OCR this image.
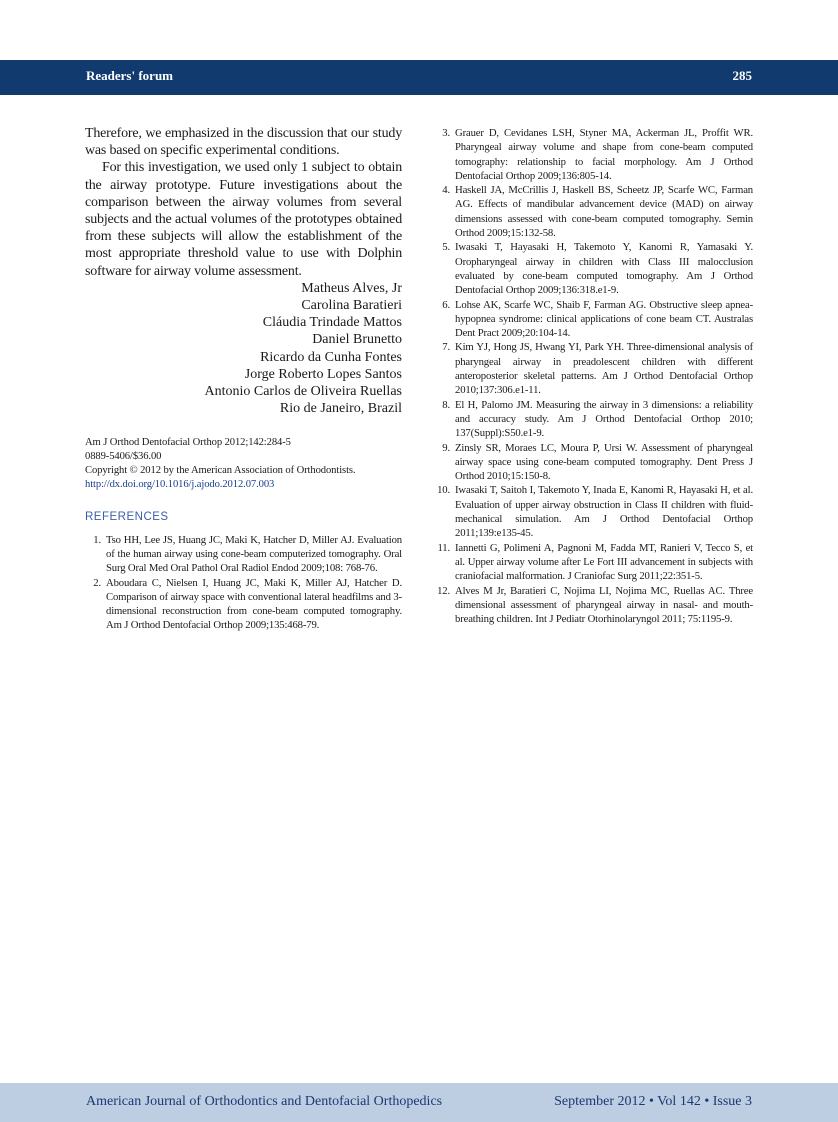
Readers' forum	285

Therefore, we emphasized in the discussion that our study was based on specific experimental conditions.

For this investigation, we used only 1 subject to obtain the airway prototype. Future investigations about the comparison between the airway volumes from several subjects and the actual volumes of the prototypes obtained from these subjects will allow the establishment of the most appropriate threshold value to use with Dolphin software for airway volume assessment.

Matheus Alves, Jr
Carolina Baratieri
Cláudia Trindade Mattos
Daniel Brunetto
Ricardo da Cunha Fontes
Jorge Roberto Lopes Santos
Antonio Carlos de Oliveira Ruellas
Rio de Janeiro, Brazil
Am J Orthod Dentofacial Orthop 2012;142:284-5
0889-5406/$36.00
Copyright © 2012 by the American Association of Orthodontists.
http://dx.doi.org/10.1016/j.ajodo.2012.07.003
REFERENCES
1. Tso HH, Lee JS, Huang JC, Maki K, Hatcher D, Miller AJ. Evaluation of the human airway using cone-beam computerized tomography. Oral Surg Oral Med Oral Pathol Oral Radiol Endod 2009;108: 768-76.
2. Aboudara C, Nielsen I, Huang JC, Maki K, Miller AJ, Hatcher D. Comparison of airway space with conventional lateral headfilms and 3-dimensional reconstruction from cone-beam computed tomography. Am J Orthod Dentofacial Orthop 2009;135:468-79.
3. Grauer D, Cevidanes LSH, Styner MA, Ackerman JL, Proffit WR. Pharyngeal airway volume and shape from cone-beam computed tomography: relationship to facial morphology. Am J Orthod Dentofacial Orthop 2009;136:805-14.
4. Haskell JA, McCrillis J, Haskell BS, Scheetz JP, Scarfe WC, Farman AG. Effects of mandibular advancement device (MAD) on airway dimensions assessed with cone-beam computed tomography. Semin Orthod 2009;15:132-58.
5. Iwasaki T, Hayasaki H, Takemoto Y, Kanomi R, Yamasaki Y. Oropharyngeal airway in children with Class III malocclusion evaluated by cone-beam computed tomography. Am J Orthod Dentofacial Orthop 2009;136:318.e1-9.
6. Lohse AK, Scarfe WC, Shaib F, Farman AG. Obstructive sleep apnea-hypopnea syndrome: clinical applications of cone beam CT. Australas Dent Pract 2009;20:104-14.
7. Kim YJ, Hong JS, Hwang YI, Park YH. Three-dimensional analysis of pharyngeal airway in preadolescent children with different anteroposterior skeletal patterns. Am J Orthod Dentofacial Orthop 2010;137:306.e1-11.
8. El H, Palomo JM. Measuring the airway in 3 dimensions: a reliability and accuracy study. Am J Orthod Dentofacial Orthop 2010; 137(Suppl):S50.e1-9.
9. Zinsly SR, Moraes LC, Moura P, Ursi W. Assessment of pharyngeal airway space using cone-beam computed tomography. Dent Press J Orthod 2010;15:150-8.
10. Iwasaki T, Saitoh I, Takemoto Y, Inada E, Kanomi R, Hayasaki H, et al. Evaluation of upper airway obstruction in Class II children with fluid-mechanical simulation. Am J Orthod Dentofacial Orthop 2011;139:e135-45.
11. Iannetti G, Polimeni A, Pagnoni M, Fadda MT, Ranieri V, Tecco S, et al. Upper airway volume after Le Fort III advancement in subjects with craniofacial malformation. J Craniofac Surg 2011;22:351-5.
12. Alves M Jr, Baratieri C, Nojima LI, Nojima MC, Ruellas AC. Three dimensional assessment of pharyngeal airway in nasal- and mouth-breathing children. Int J Pediatr Otorhinolaryngol 2011; 75:1195-9.
American Journal of Orthodontics and Dentofacial Orthopedics	September 2012 • Vol 142 • Issue 3
